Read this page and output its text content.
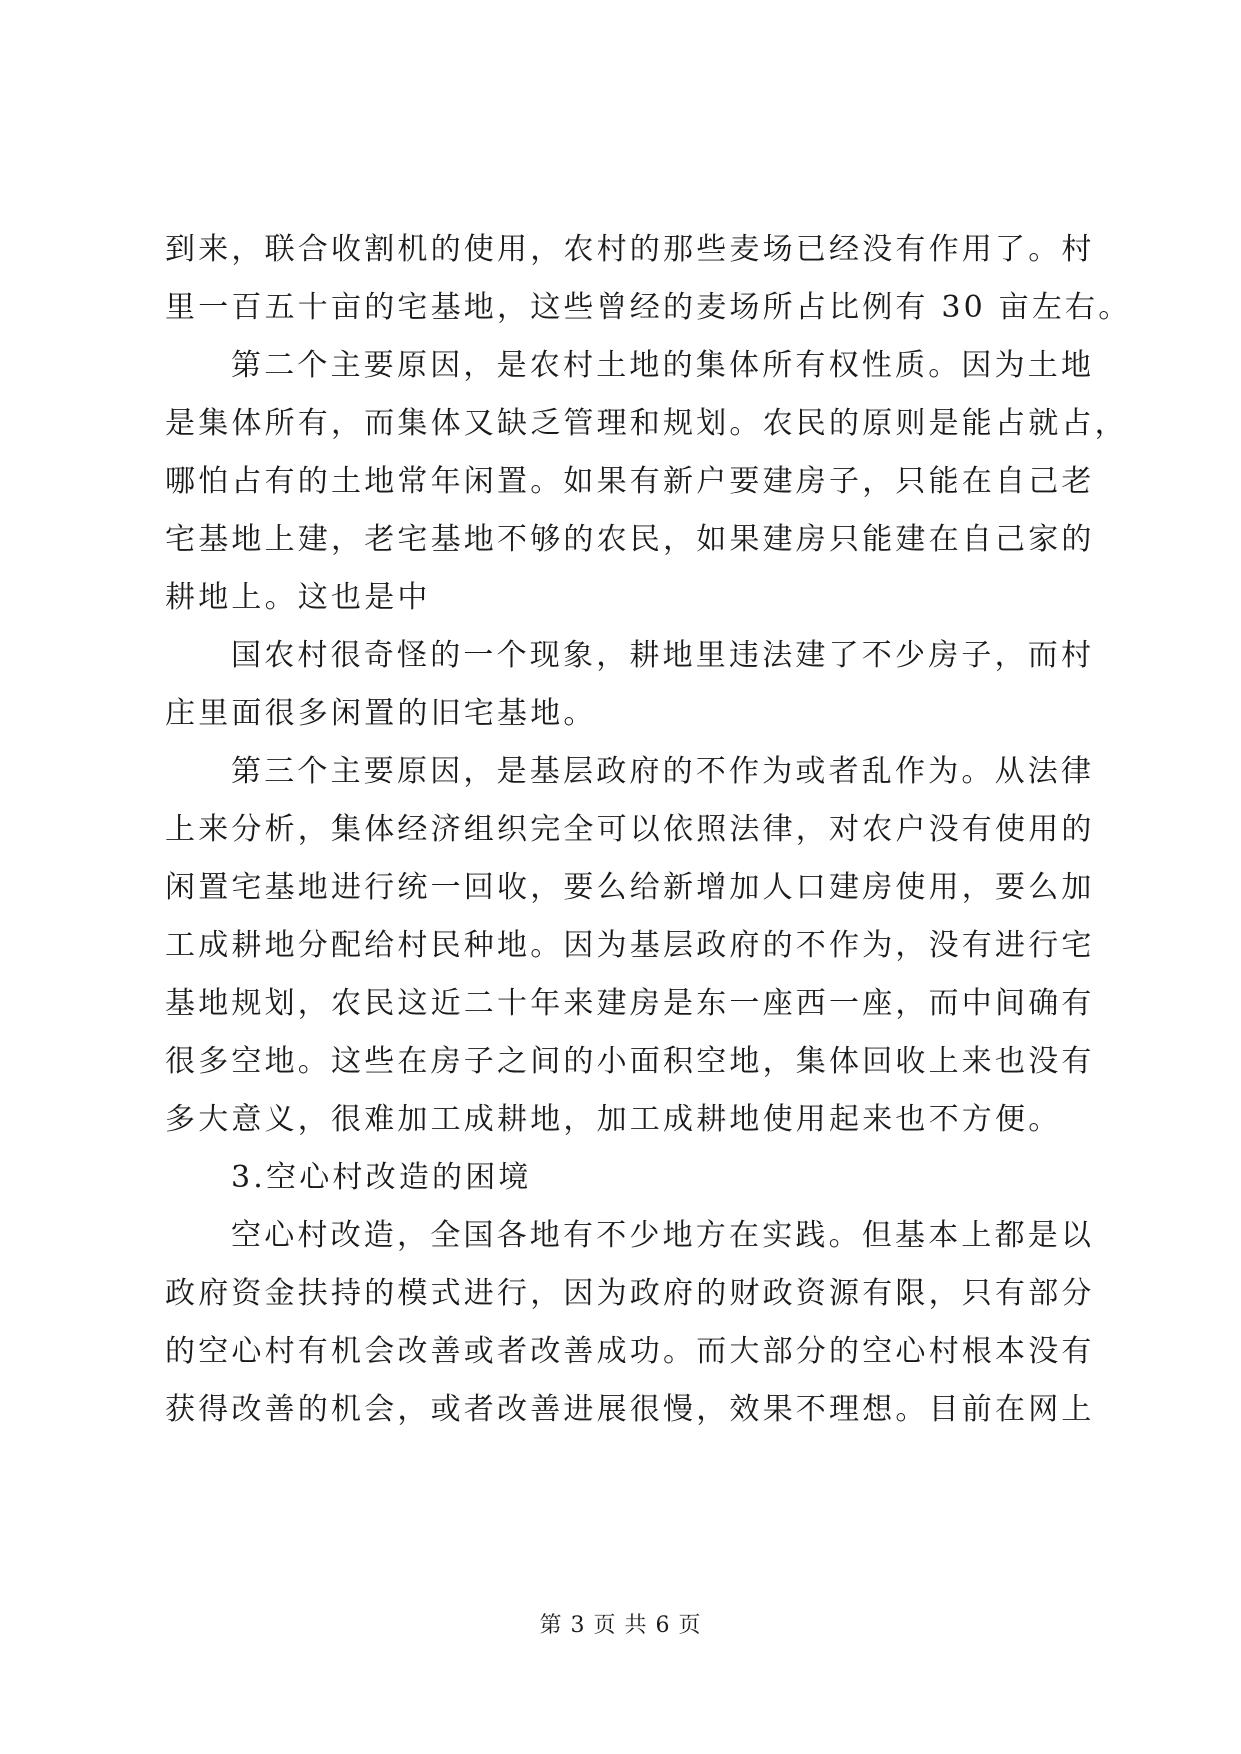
到来，联合收割机的使用，农村的那些麦场已经没有作用了。村
里一百五十亩的宅基地，这些曾经的麦场所占比例有 30 亩左右。
第二个主要原因，是农村土地的集体所有权性质。因为土地
是集体所有，而集体又缺乏管理和规划。农民的原则是能占就占，
哪怕占有的土地常年闲置。如果有新户要建房子，只能在自己老
宅基地上建，老宅基地不够的农民，如果建房只能建在自己家的
耕地上。这也是中
国农村很奇怪的一个现象，耕地里违法建了不少房子，而村
庄里面很多闲置的旧宅基地。
第三个主要原因，是基层政府的不作为或者乱作为。从法律
上来分析，集体经济组织完全可以依照法律，对农户没有使用的
闲置宅基地进行统一回收，要么给新增加人口建房使用，要么加
工成耕地分配给村民种地。因为基层政府的不作为，没有进行宅
基地规划，农民这近二十年来建房是东一座西一座，而中间确有
很多空地。这些在房子之间的小面积空地，集体回收上来也没有
多大意义，很难加工成耕地，加工成耕地使用起来也不方便。
3.空心村改造的困境
空心村改造，全国各地有不少地方在实践。但基本上都是以
政府资金扶持的模式进行，因为政府的财政资源有限，只有部分
的空心村有机会改善或者改善成功。而大部分的空心村根本没有
获得改善的机会，或者改善进展很慢，效果不理想。目前在网上
第 3 页 共 6 页
